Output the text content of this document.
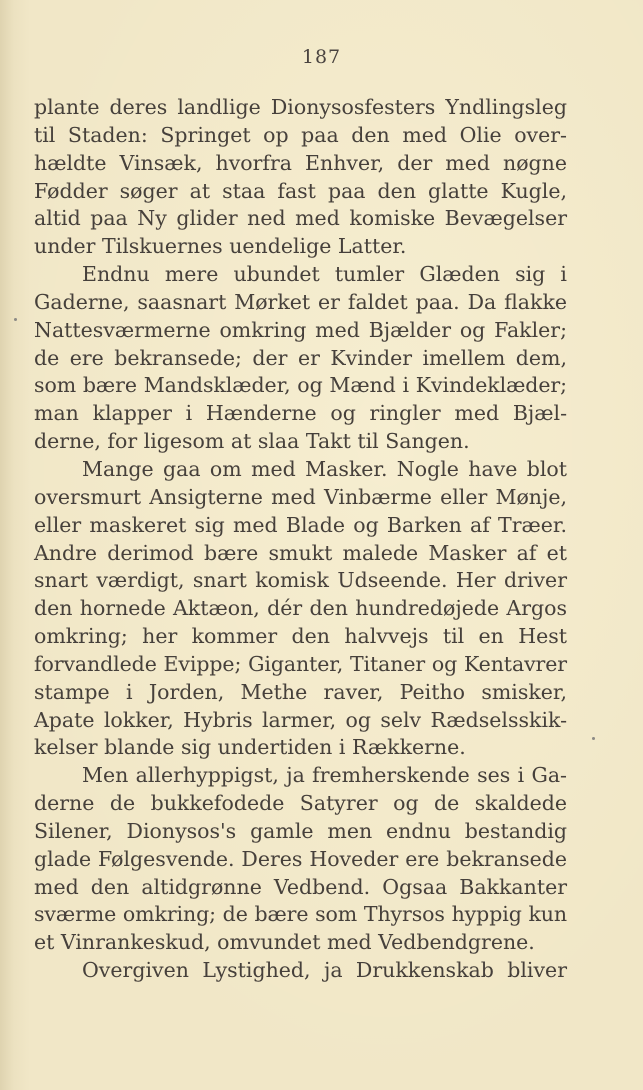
187
plante deres landlige Dionysosfesters Yndlingsleg
til Staden: Springet op paa den med Olie over-
hældte Vinsæk, hvorfra Enhver, der med nøgne
Fødder søger at staa fast paa den glatte Kugle,
altid paa Ny glider ned med komiske Bevægelser
under Tilskuernes uendelige Latter.
Endnu mere ubundet tumler Glæden sig i
Gaderne, saasnart Mørket er faldet paa. Da flakke
Nattesværmerne omkring med Bjælder og Fakler;
de ere bekransede; der er Kvinder imellem dem,
som bære Mandsklæder, og Mænd i Kvindeklæder;
man klapper i Hænderne og ringler med Bjæl-
derne, for ligesom at slaa Takt til Sangen.
Mange gaa om med Masker. Nogle have blot
oversmurt Ansigterne med Vinbærme eller Mønje,
eller maskeret sig med Blade og Barken af Træer.
Andre derimod bære smukt malede Masker af et
snart værdigt, snart komisk Udseende. Her driver
den hornede Aktæon, dér den hundredøjede Argos
omkring; her kommer den halvvejs til en Hest
forvandlede Evippe; Giganter, Titaner og Kentavrer
stampe i Jorden, Methe raver, Peitho smisker,
Apate lokker, Hybris larmer, og selv Rædselsskik-
kelser blande sig undertiden i Rækkerne.
Men allerhyppigst, ja fremherskende ses i Ga-
derne de bukkefodede Satyrer og de skaldede
Silener, Dionysos's gamle men endnu bestandig
glade Følgesvende. Deres Hoveder ere bekransede
med den altidgrønne Vedbend. Ogsaa Bakkanter
sværme omkring; de bære som Thyrsos hyppig kun
et Vinrankeskud, omvundet med Vedbendgrene.
Overgiven Lystighed, ja Drukkenskab bliver
